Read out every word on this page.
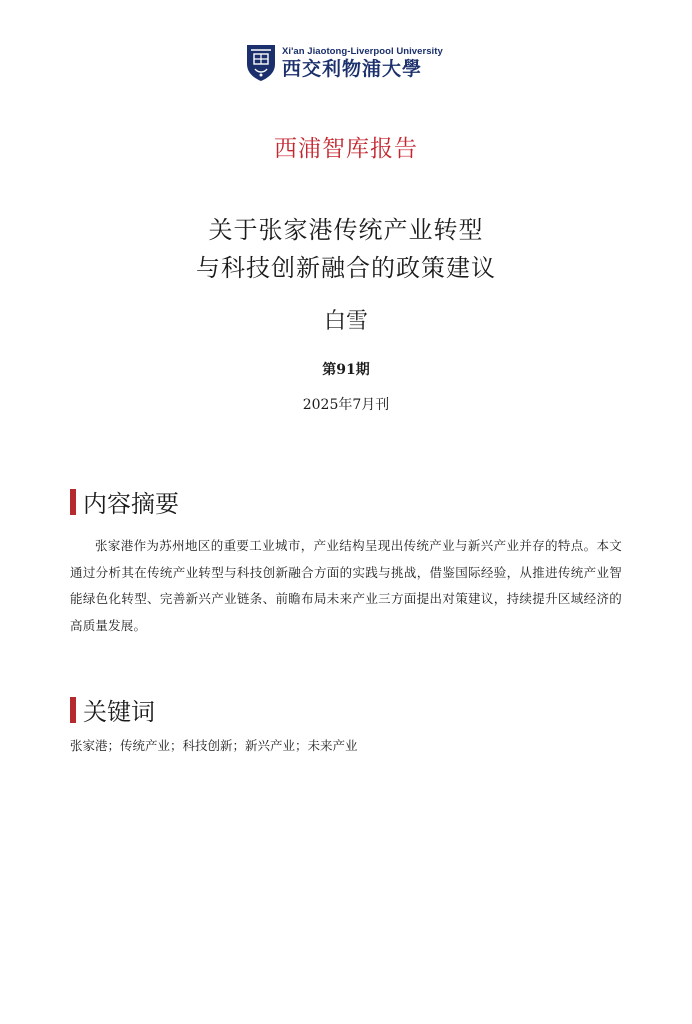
Xi'an Jiaotong-Liverpool University
西交利物浦大學
西浦智库报告
关于张家港传统产业转型
与科技创新融合的政策建议
白雪
第91期
2025年7月刊
内容摘要

张家港作为苏州地区的重要工业城市，产业结构呈现出传统产业与新兴产业并存的特点。本文通过分析其在传统产业转型与科技创新融合方面的实践与挑战，借鉴国际经验，从推进传统产业智能绿色化转型、完善新兴产业链条、前瞻布局未来产业三方面提出对策建议，持续提升区域经济的高质量发展。

关键词

张家港；传统产业；科技创新；新兴产业；未来产业
